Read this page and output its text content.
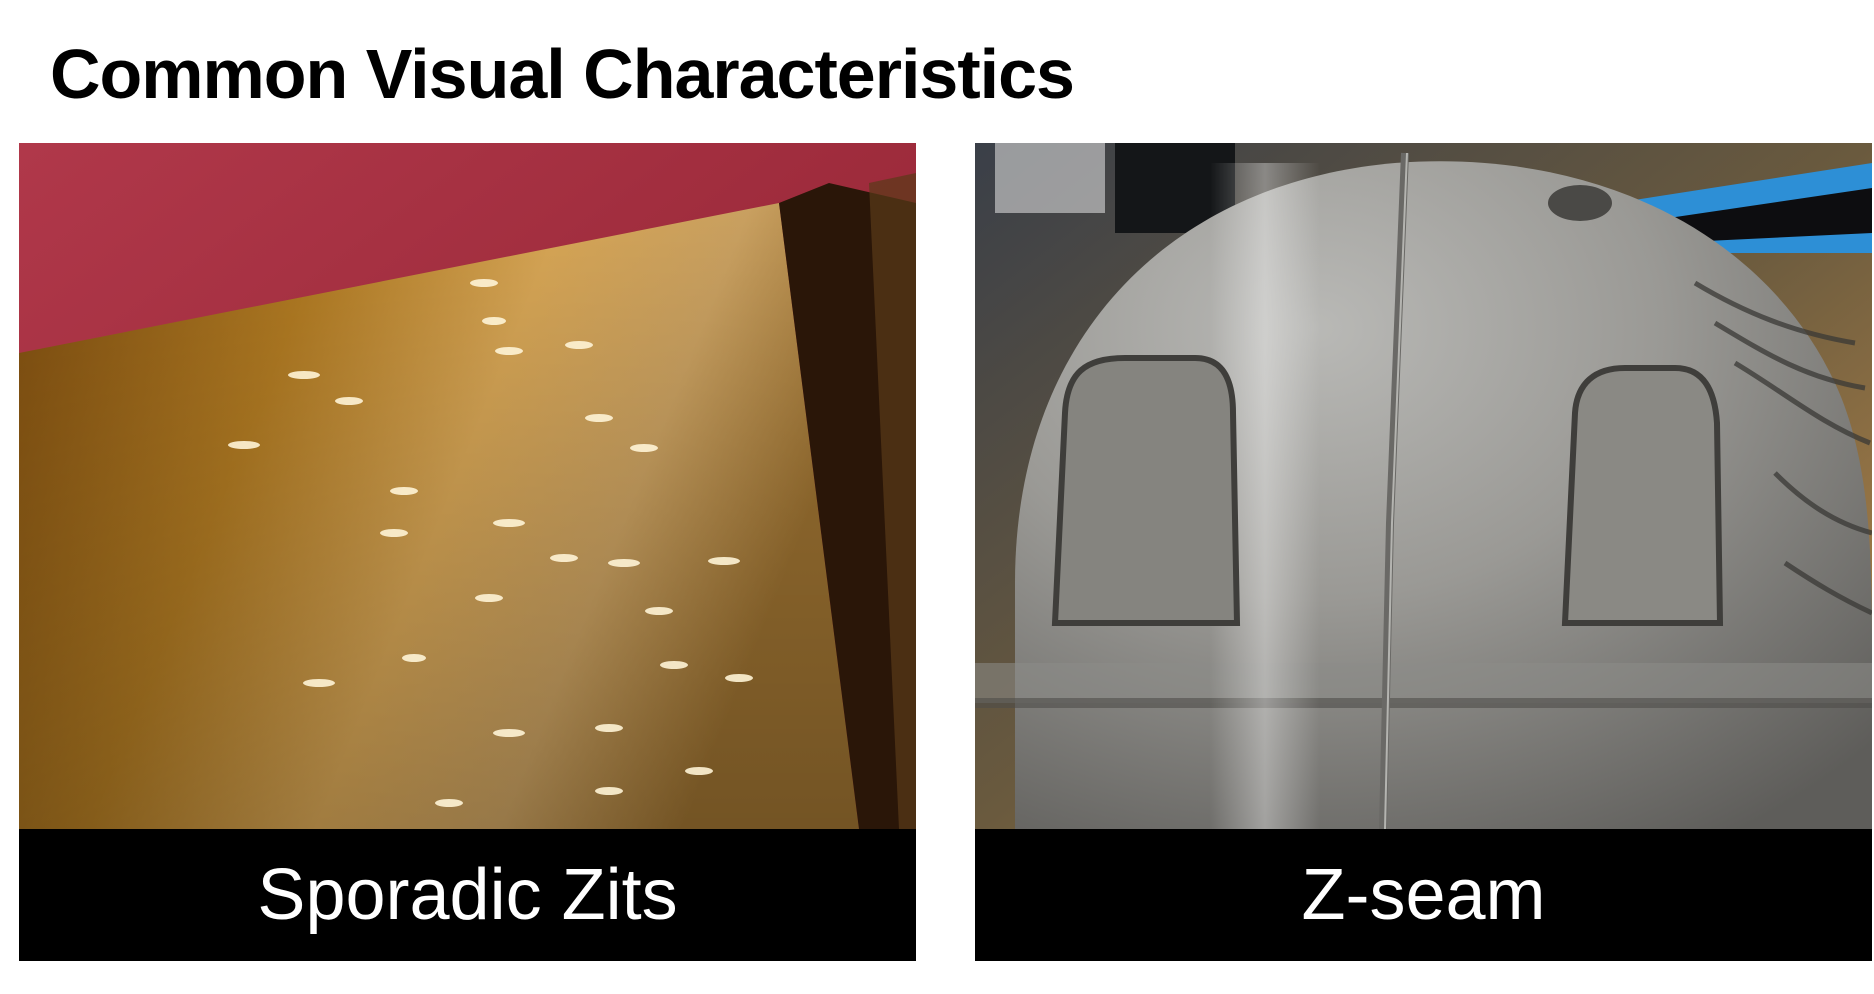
Common Visual Characteristics
Sporadic Zits	Z-seam
